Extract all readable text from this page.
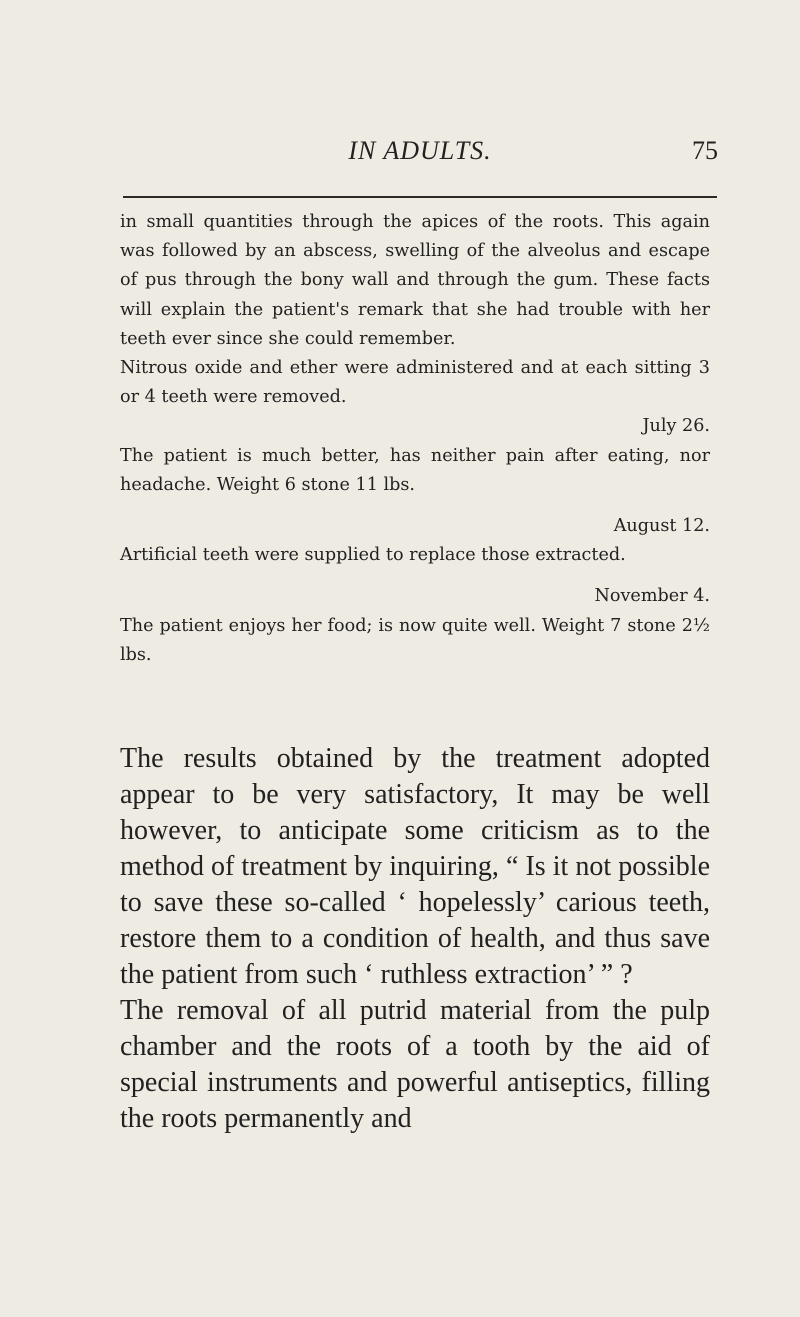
IN ADULTS.	75

in small quantities through the apices of the roots. This again was followed by an abscess, swelling of the alveolus and escape of pus through the bony wall and through the gum. These facts will explain the patient's remark that she had trouble with her teeth ever since she could remember.

Nitrous oxide and ether were administered and at each sitting 3 or 4 teeth were removed.

July 26.

The patient is much better, has neither pain after eating, nor headache. Weight 6 stone 11 lbs.

August 12.

Artificial teeth were supplied to replace those extracted.

November 4.

The patient enjoys her food; is now quite well. Weight 7 stone 2½ lbs.

The results obtained by the treatment adopted appear to be very satisfactory, It may be well however, to anticipate some criticism as to the method of treatment by inquiring, “ Is it not possible to save these so-called ‘ hopelessly’ carious teeth, restore them to a condition of health, and thus save the patient from such ‘ ruthless extraction’ ” ?

The removal of all putrid material from the pulp chamber and the roots of a tooth by the aid of special instruments and powerful antiseptics, filling the roots permanently and
